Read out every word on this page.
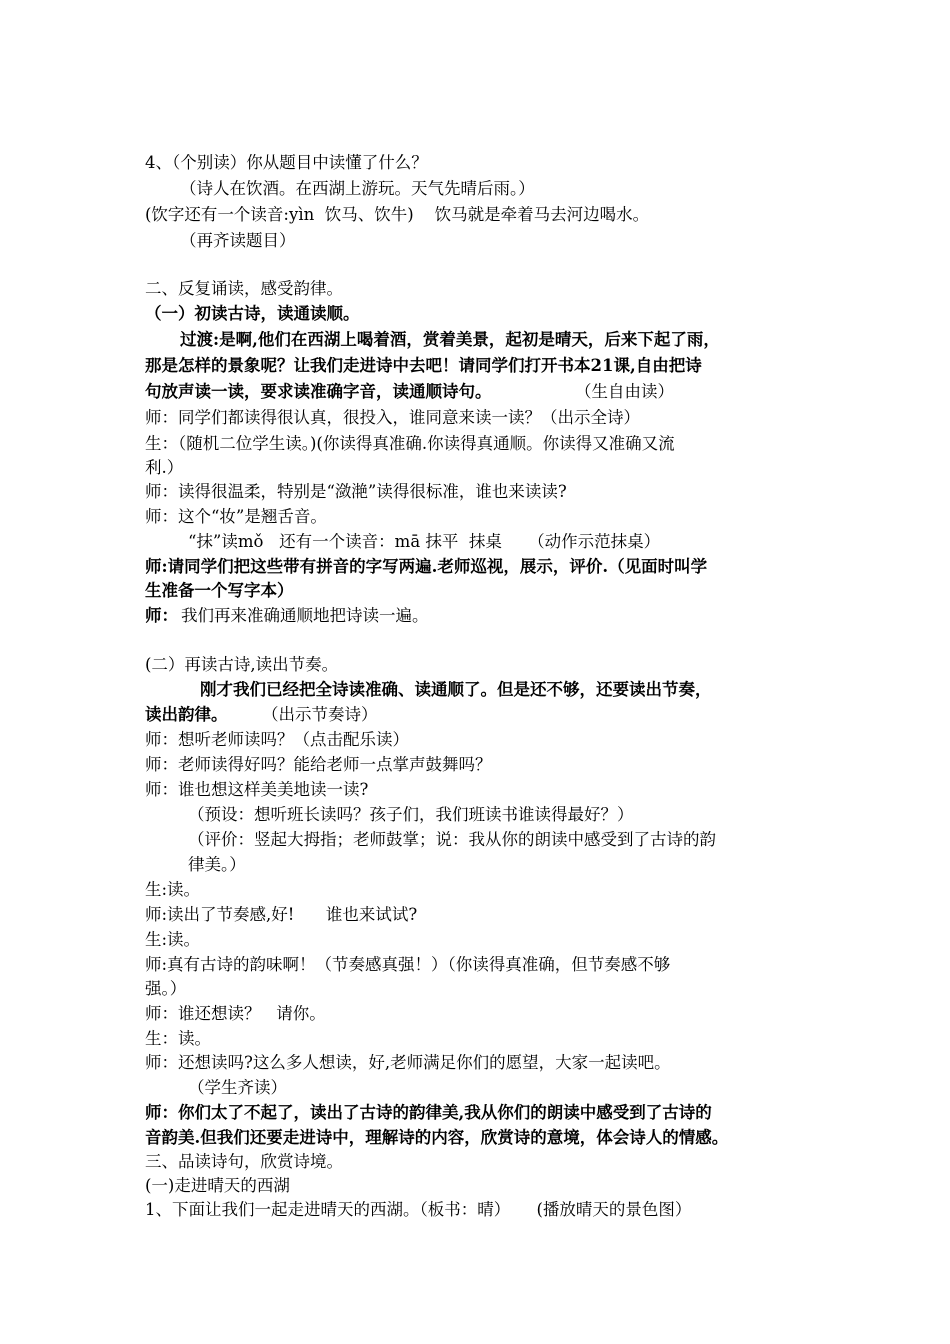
4、（个别读）你从题目中读懂了什么？
（诗人在饮酒。在西湖上游玩。天气先晴后雨。）
(饮字还有一个读音:yìn  饮马、饮牛)    饮马就是牵着马去河边喝水。
（再齐读题目）
二、反复诵读，感受韵律。
（一）初读古诗，读通读顺。
过渡:是啊,他们在西湖上喝着酒，赏着美景，起初是晴天，后来下起了雨，
那是怎样的景象呢？让我们走进诗中去吧！请同学们打开书本21课,自由把诗
句放声读一读，要求读准确字音，读通顺诗句。	（生自由读）
师：同学们都读得很认真，很投入，谁同意来读一读？（出示全诗）
生：（随机二位学生读。)(你读得真准确.你读得真通顺。你读得又准确又流
利.）
师：读得很温柔，特别是“潋滟”读得很标准，谁也来读读?
师：这个“妆”是翘舌音。
“抹”读mǒ   还有一个读音：mā 抹平  抹桌     （动作示范抹桌）
师:请同学们把这些带有拼音的字写两遍.老师巡视，展示，评价.（见面时叫学
生准备一个写字本）
师： 我们再来准确通顺地把诗读一遍。
(二）再读古诗,读出节奏。
刚才我们已经把全诗读准确、读通顺了。但是还不够，还要读出节奏，
读出韵律。 （出示节奏诗）
师：想听老师读吗？（点击配乐读）
师：老师读得好吗？能给老师一点掌声鼓舞吗？
师：谁也想这样美美地读一读?
（预设：想听班长读吗？孩子们，我们班读书谁读得最好？）
（评价：竖起大拇指；老师鼓掌；说：我从你的朗读中感受到了古诗的韵
律美。）
生:读。
师:读出了节奏感,好!      谁也来试试?
生:读。
师:真有古诗的韵味啊！（节奏感真强！）（你读得真准确，但节奏感不够
强。）
师：谁还想读？   请你。
生：读。
师：还想读吗?这么多人想读，好,老师满足你们的愿望，大家一起读吧。
（学生齐读）
师：你们太了不起了，读出了古诗的韵律美,我从你们的朗读中感受到了古诗的
音韵美.但我们还要走进诗中，理解诗的内容，欣赏诗的意境，体会诗人的情感。
三、品读诗句，欣赏诗境。
(一)走进晴天的西湖
1、下面让我们一起走进晴天的西湖。（板书：晴）     (播放晴天的景色图）
